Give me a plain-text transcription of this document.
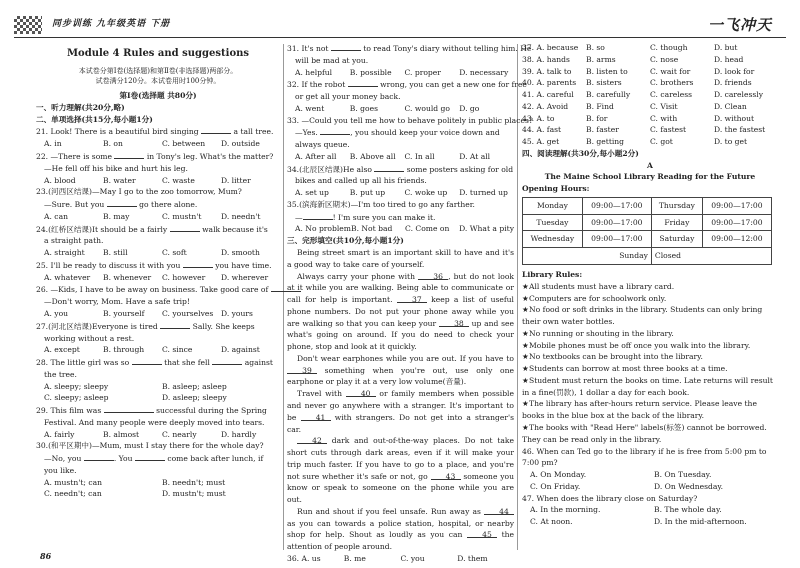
同步训练 九年级英语 下册	一飞冲天
Module 4 Rules and suggestions
本试卷分第Ⅰ卷(选择题)和第Ⅱ卷(非选择题)两部分。
试卷满分120分。本试卷用时100分钟。
第Ⅰ卷(选择题 共80分)
一、听力理解(共20分,略)
二、单项选择(共15分,每小题1分)
21. Look! There is a beautiful bird singing	a tall tree.
A. in	B. on	C. between	D. outside
22. —There is some	in Tony's leg. What's the matter?
—He fell off his bike and hurt his leg.
A. blood	B. water	C. waste	D. litter
23.(河西区结课)—May I go to the zoo tomorrow, Mum?
—Sure. But you	go there alone.
A. can	B. may	C. mustn't	D. needn't
24.(红桥区结课)It should be a fairly	walk because it's
a straight path.
A. straight	B. still	C. soft	D. smooth
25. I'll be ready to discuss it with you	you have time.
A. whatever	B. whenever	C. however	D. wherever
26. —Kids, I have to be away on business. Take good care of
—Don't worry, Mom. Have a safe trip!
A. you	B. yourself	C. yourselves	D. yours
27.(河北区结课)Everyone is tired	Sally. She keeps
working without a rest.
A. except	B. through	C. since	D. against
28. The little girl was so	that she fell	against
the tree.
A. sleepy; sleepy	B. asleep; asleep
C. sleepy; asleep	D. asleep; sleepy
29. This film was	successful during the Spring
Festival. And many people were deeply moved into tears.
A. fairly	B. almost	C. nearly	D. hardly
30.(和平区期中)—Mum, must I stay there for the whole day?
—No, you	. You	come back after lunch, if
you like.
A. mustn't; can	B. needn't; must
C. needn't; can	D. mustn't; must
31. It's not	to read Tony's diary without telling him. He
will be mad at you.
A. helpful	B. possible	C. proper	D. necessary
32. If the robot	wrong, you can get a new one for free
or get all your money back.
A. went	B. goes	C. would go	D. go
33. —Could you tell me how to behave politely in public places?
—Yes.	, you should keep your voice down and
always queue.
A. After all	B. Above all	C. In all	D. At all
34.(北辰区结课)He also	some posters asking for old
bikes and called up all his friends.
A. set up	B. put up	C. woke up	D. turned up
35.(滨海新区期末)—I'm too tired to go any farther.
—	! I'm sure you can make it.
A. No problem B. Not bad	C. Come on	D. What a pity
三、完形填空(共10分,每小题1分)
Being street smart is an important skill to have and it's a good way to take care of yourself.
Always carry your phone with 36 , but do not look at it while you are walking. Being able to communicate or call for help is important.	37 keep a list of useful phone numbers. Do not put your phone away while you are walking so that you can keep your 38 up and see what's going on around. If you do need to check your phone, stop and look at it quickly.
Don't wear earphones while you are out. If you have to 39 something when you're out, use only one earphone or play it at a very low volume(音量).
Travel with 40 or family members when possible and never go anywhere with a stranger. It's important to be	41 with strangers. Do not get into a stranger's car.
42 dark and out-of-the-way places. Do not take short cuts through dark areas, even if it will make your trip much faster. If you have to go to a place, and you're not sure whether it's safe or not, go 43 someone you know or speak to someone on the phone while you are out.
Run and shout if you feel unsafe. Run away as 44 as you can towards a police station, hospital, or nearby shop for help. Shout as loudly as you can	45 the attention of people around.
36. A. us	B. me	C. you	D. them
37. A. because	B. so	C. though	D. but
38. A. hands	B. arms	C. nose	D. head
39. A. talk to	B. listen to	C. wait for	D. look for
40. A. parents	B. sisters	C. brothers	D. friends
41. A. careful	B. carefully	C. careless	D. carelessly
42. A. Avoid	B. Find	C. Visit	D. Clean
43. A. to	B. for	C. with	D. without
44. A. fast	B. faster	C. fastest	D. the fastest
45. A. get	B. getting	C. got	D. to get
四、阅读理解(共30分,每小题2分)
A
The Maine School Library Reading for the Future
Opening Hours:
Monday	09:00—17:00	Thursday	09:00—17:00
Tuesday	09:00—17:00	Friday	09:00—17:00
Wednesday	09:00—17:00	Saturday	09:00—12:00
Sunday		Closed	
Library Rules:
★All students must have a library card.
★Computers are for schoolwork only.
★No food or soft drinks in the library. Students can only bring their own water bottles.
★No running or shouting in the library.
★Mobile phones must be off once you walk into the library.
★No textbooks can be brought into the library.
★Students can borrow at most three books at a time.
★Student must return the books on time. Late returns will result in a fine(罚款), 1 dollar a day for each book.
★The library has after-hours return service. Please leave the books in the blue box at the back of the library.
★The books with "Read Here" labels(标签) cannot be borrowed. They can be read only in the library.
46. When can Ted go to the library if he is free from 5:00 pm to 7:00 pm?
A. On Monday.	B. On Tuesday.
C. On Friday.	D. On Wednesday.
47. When does the library close on Saturday?
A. In the morning.	B. The whole day.
C. At noon.	D. In the mid-afternoon.
86
